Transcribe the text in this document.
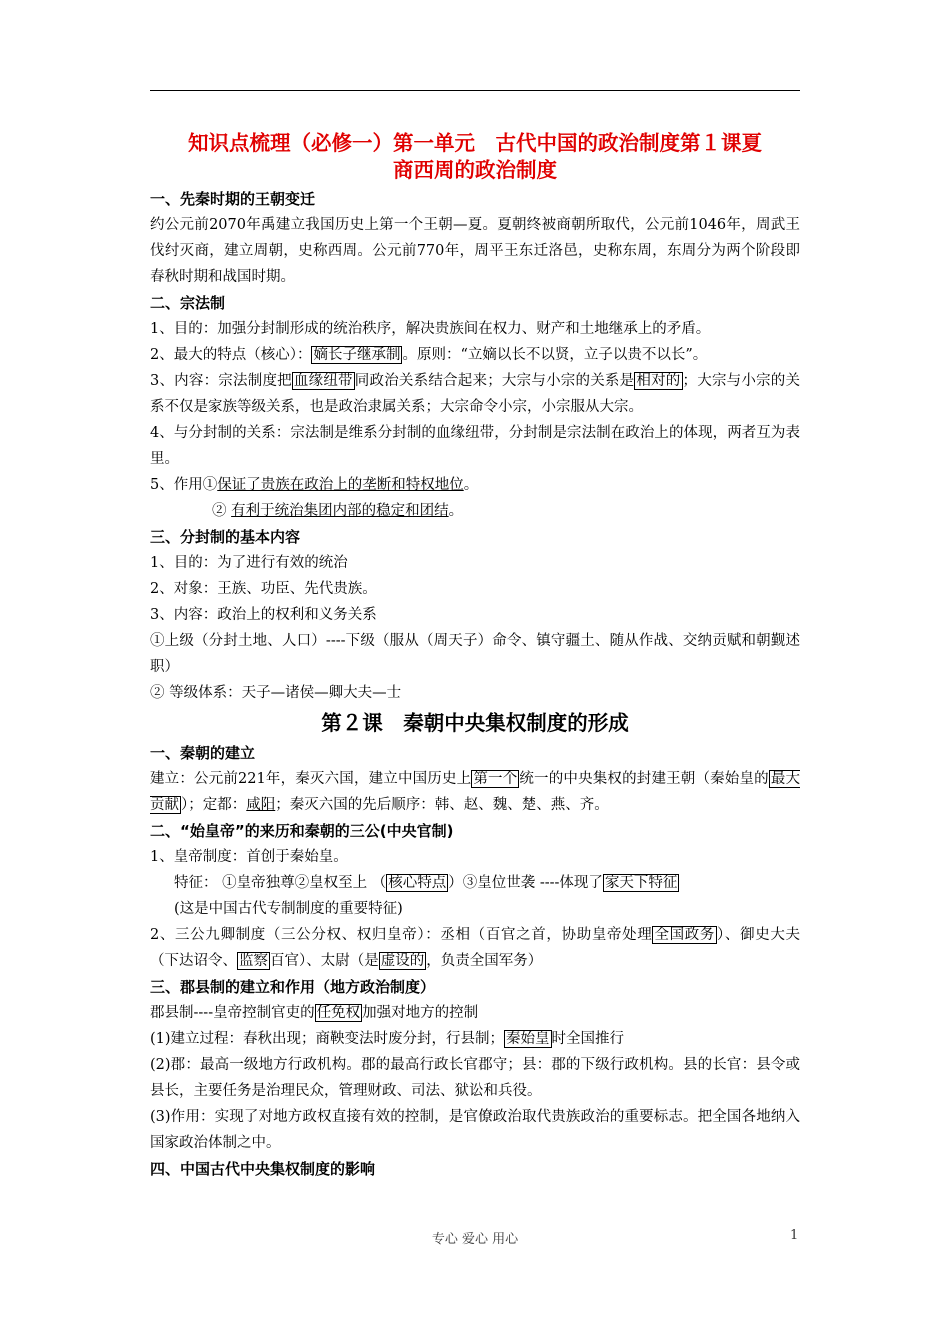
知识点梳理（必修一）第一单元　古代中国的政治制度第１课夏
商西周的政治制度
一、先秦时期的王朝变迁

约公元前2070年禹建立我国历史上第一个王朝—夏。夏朝终被商朝所取代，公元前1046年，周武王伐纣灭商，建立周朝，史称西周。公元前770年，周平王东迁洛邑，史称东周，东周分为两个阶段即春秋时期和战国时期。

二、宗法制

1、目的：加强分封制形成的统治秩序，解决贵族间在权力、财产和土地继承上的矛盾。

2、最大的特点（核心）： 嫡长子继承制 。原则：“立嫡以长不以贤，立子以贵不以长”。

3、内容：宗法制度把 血缘纽带 同政治关系结合起来；大宗与小宗的关系是 相对的 ；大宗与小宗的关系不仅是家族等级关系，也是政治隶属关系；大宗命令小宗，小宗服从大宗。

4、与分封制的关系：宗法制是维系分封制的血缘纽带，分封制是宗法制在政治上的体现，两者互为表里。

5、作用①保证了贵族在政治上的垄断和特权地位。

② 有利于统治集团内部的稳定和团结。

三、分封制的基本内容

1、目的：为了进行有效的统治

2、对象：王族、功臣、先代贵族。

3、内容：政治上的权利和义务关系

①上级（分封土地、人口）----下级（服从（周天子）命令、镇守疆土、随从作战、交纳贡赋和朝觐述职）

② 等级体系：天子—诸侯—卿大夫—士

第２课　秦朝中央集权制度的形成
一、秦朝的建立

建立：公元前221年，秦灭六国，建立中国历史上 第一个 统一的中央集权的封建王朝（秦始皇的 最大贡献 ）；定都：咸阳；秦灭六国的先后顺序：韩、赵、魏、楚、燕、齐。

二、“始皇帝”的来历和秦朝的三公(中央官制)

1、皇帝制度：首创于秦始皇。

特征： ①皇帝独尊②皇权至上 （ 核心特点 ）③皇位世袭 ----体现了 家天下特征

(这是中国古代专制制度的重要特征)

2、三公九卿制度（三公分权、权归皇帝）：丞相（百官之首，协助皇帝处理 全国政务 ）、御史大夫（下达诏令、 监察 百官）、太尉（是 虚设的 ，负责全国军务）

三、郡县制的建立和作用（地方政治制度）

郡县制----皇帝控制官吏的 任免权 加强对地方的控制

(1)建立过程：春秋出现；商鞅变法时废分封，行县制； 秦始皇 时全国推行

(2)郡：最高一级地方行政机构。郡的最高行政长官郡守；县：郡的下级行政机构。县的长官：县令或县长，主要任务是治理民众，管理财政、司法、狱讼和兵役。

(3)作用：实现了对地方政权直接有效的控制，是官僚政治取代贵族政治的重要标志。把全国各地纳入国家政治体制之中。

四、中国古代中央集权制度的影响
专心 爱心 用心	1
